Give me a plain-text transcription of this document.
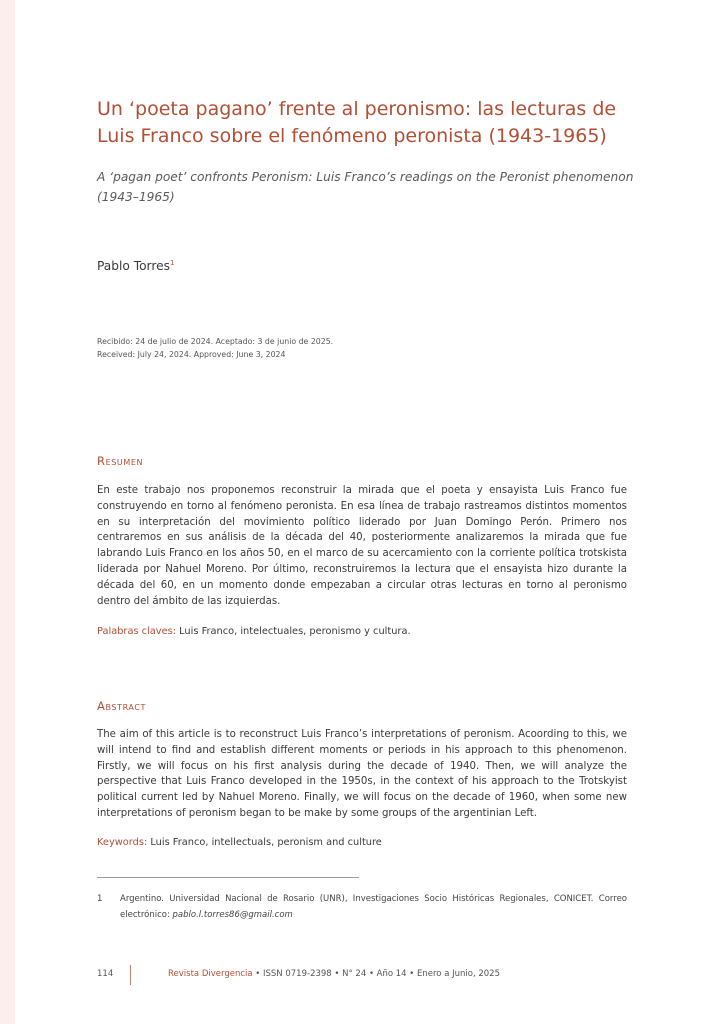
Un ‘poeta pagano’ frente al peronismo: las lecturas de Luis Franco sobre el fenómeno peronista (1943-1965)

A ‘pagan poet’ confronts Peronism: Luis Franco’s readings on the Peronist phenomenon (1943–1965)

Pablo Torres$^1$
Recibido: 24 de julio de 2024. Aceptado: 3 de junio de 2025.
Received: July 24, 2024. Approved: June 3, 2024
Resumen

En este trabajo nos proponemos reconstruir la mirada que el poeta y ensayista Luis Franco fue construyendo en torno al fenómeno peronista. En esa línea de trabajo rastreamos distintos momentos en su interpretación del movimiento político liderado por Juan Domingo Perón. Primero nos centraremos en sus análisis de la década del 40, posteriormente analizaremos la mirada que fue labrando Luis Franco en los años 50, en el marco de su acercamiento con la corriente política trotskista liderada por Nahuel Moreno. Por último, reconstruiremos la lectura que el ensayista hizo durante la década del 60, en un momento donde empezaban a circular otras lecturas en torno al peronismo dentro del ámbito de las izquierdas.

Palabras claves: Luis Franco, intelectuales, peronismo y cultura.
Abstract

The aim of this article is to reconstruct Luis Franco’s interpretations of peronism. Acoording to this, we will intend to find and establish different moments or periods in his approach to this phenomenon. Firstly, we will focus on his first analysis during the decade of 1940. Then, we will analyze the perspective that Luis Franco developed in the 1950s, in the context of his approach to the Trotskyist political current led by Nahuel Moreno. Finally, we will focus on the decade of 1960, when some new interpretations of peronism began to be make by some groups of the argentinian Left.

Keywords: Luis Franco, intellectuals, peronism and culture
1 Argentino. Universidad Nacional de Rosario (UNR), Investigaciones Socio Históricas Regionales, CONICET. Correo electrónico: pablo.l.torres86@gmail.com
114	Revista Divergencia • ISSN 0719-2398 • N° 24 • Año 14 • Enero a Junio, 2025
